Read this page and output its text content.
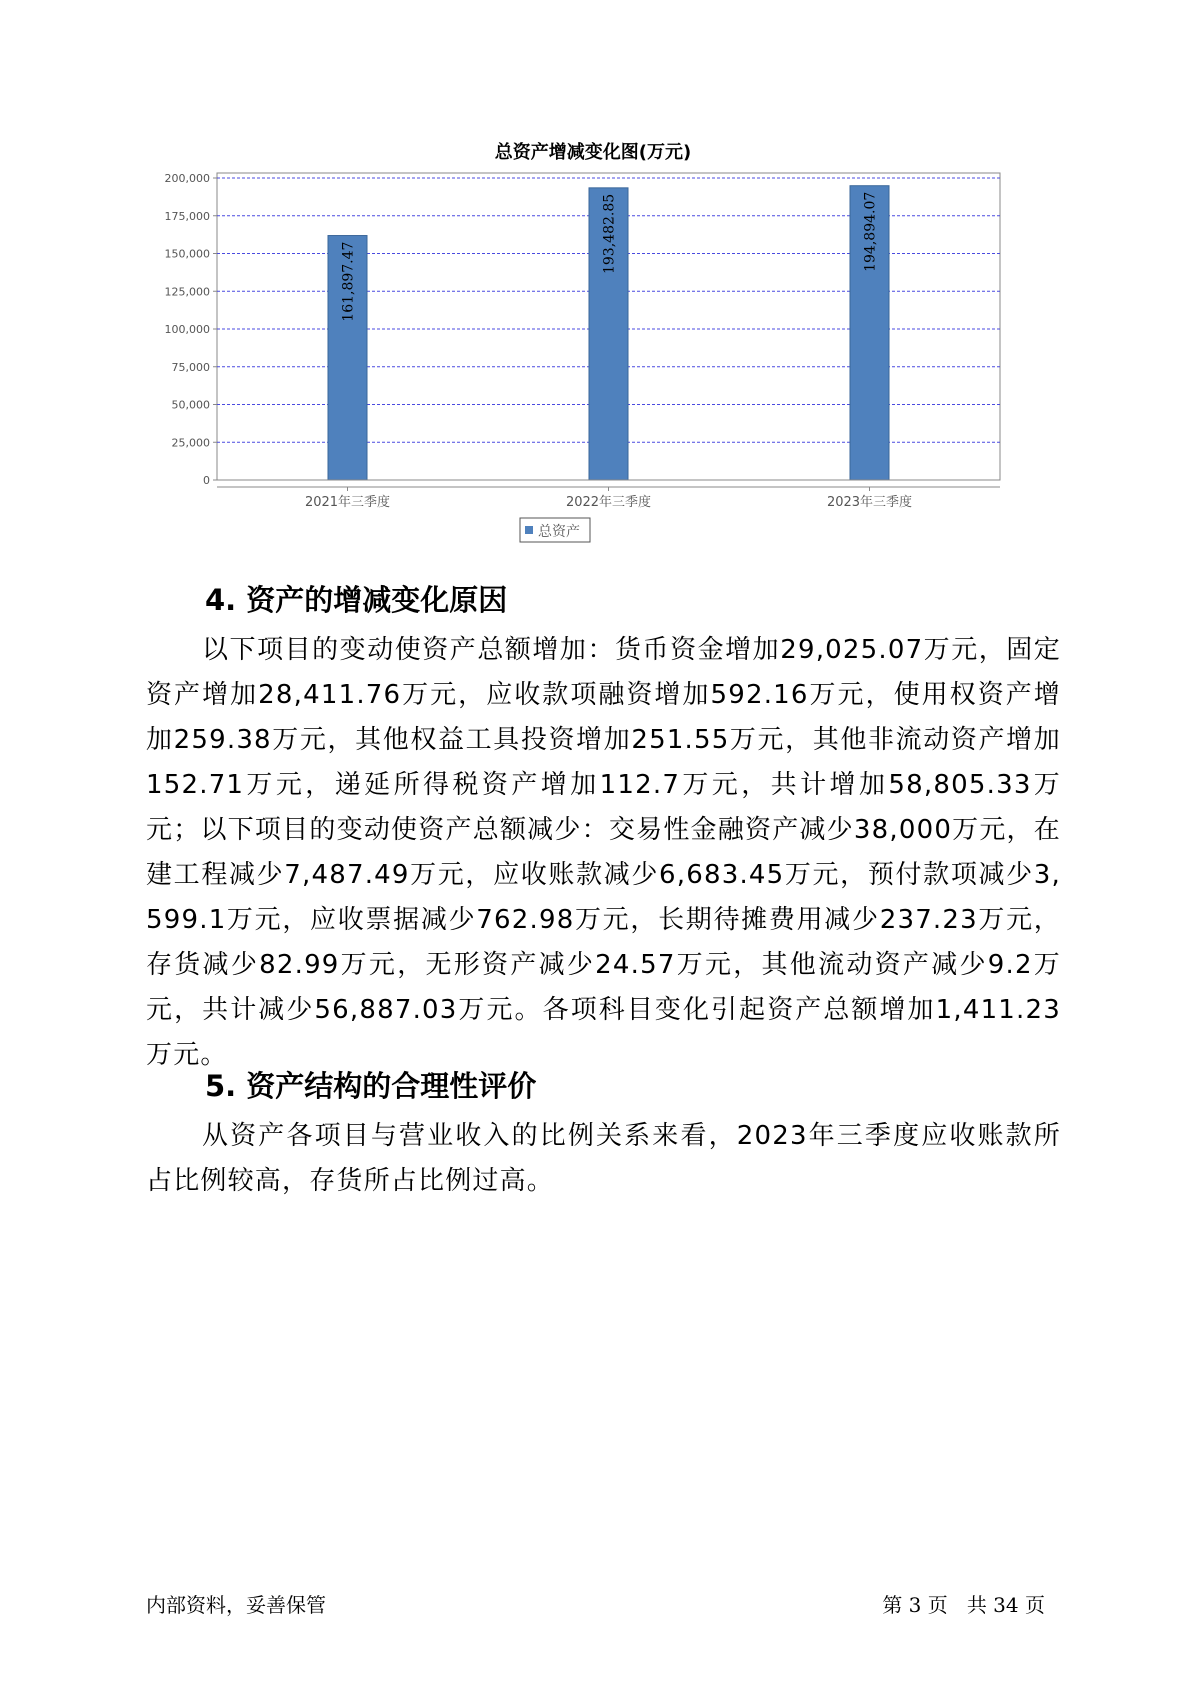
总资产增减变化图(万元)
0
25,000
50,000
75,000
100,000
125,000
150,000
175,000
200,000
161,897.47
193,482.85	194,894.07
2021年三季度	2022年三季度	2023年三季度
总资产
4. 资产的增减变化原因

以下项目的变动使资产总额增加：货币资金增加29,025.07万元，固定资产增加28,411.76万元，应收款项融资增加592.16万元，使用权资产增加259.38万元，其他权益工具投资增加251.55万元，其他非流动资产增加152.71万元，递延所得税资产增加112.7万元，共计增加58,805.33万元；以下项目的变动使资产总额减少：交易性金融资产减少38,000万元，在建工程减少7,487.49万元，应收账款减少6,683.45万元，预付款项减少3,599.1万元，应收票据减少762.98万元，长期待摊费用减少237.23万元，存货减少82.99万元，无形资产减少24.57万元，其他流动资产减少9.2万元，共计减少56,887.03万元。各项科目变化引起资产总额增加1,411.23万元。

5. 资产结构的合理性评价

从资产各项目与营业收入的比例关系来看，2023年三季度应收账款所占比例较高，存货所占比例过高。

内部资料，妥善保管	第 3 页   共 34 页
